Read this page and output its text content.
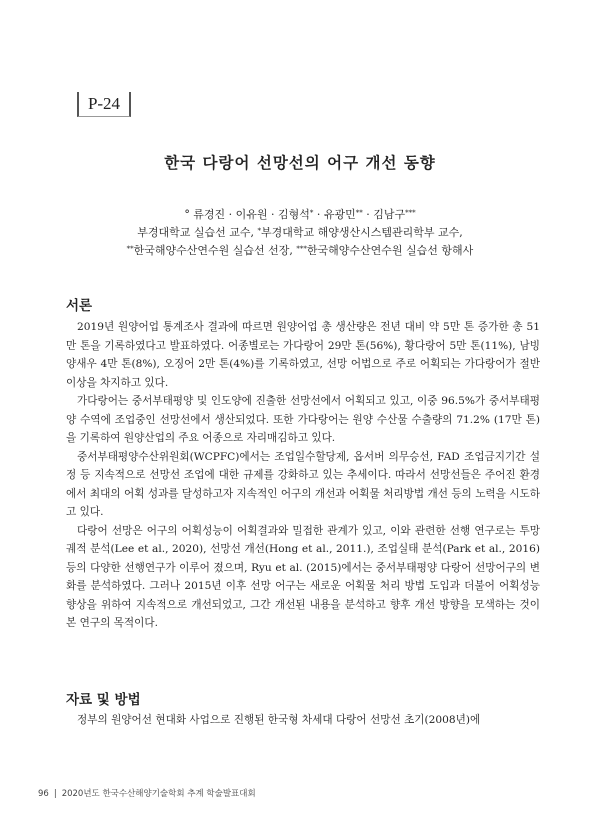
P-24
한국 다랑어 선망선의 어구 개선 동향
° 류경진 · 이유원 · 김형석* · 유광민** · 김남구***
부경대학교 실습선 교수, *부경대학교 해양생산시스템관리학부 교수,
**한국해양수산연수원 실습선 선장, ***한국해양수산연수원 실습선 항해사
서론

2019년 원양어업 통계조사 결과에 따르면 원양어업 총 생산량은 전년 대비 약 5만 톤 증가한 총 51만 톤을 기록하였다고 발표하였다. 어종별로는 가다랑어 29만 톤(56%), 황다랑어 5만 톤(11%), 남빙양새우 4만 톤(8%), 오징어 2만 톤(4%)를 기록하였고, 선망 어법으로 주로 어획되는 가다랑어가 절반 이상을 차지하고 있다.

가다랑어는 중서부태평양 및 인도양에 진출한 선망선에서 어획되고 있고, 이중 96.5%가 중서부태평양 수역에 조업중인 선망선에서 생산되었다. 또한 가다랑어는 원양 수산물 수출량의 71.2% (17만 톤)을 기록하여 원양산업의 주요 어종으로 자리매김하고 있다.

중서부태평양수산위원회(WCPFC)에서는 조업일수할당제, 옵서버 의무승선, FAD 조업금지기간 설정 등 지속적으로 선망선 조업에 대한 규제를 강화하고 있는 추세이다. 따라서 선망선들은 주어진 환경에서 최대의 어획 성과를 달성하고자 지속적인 어구의 개선과 어획물 처리방법 개선 등의 노력을 시도하고 있다.

다랑어 선망은 어구의 어획성능이 어획결과와 밀접한 관계가 있고, 이와 관련한 선행 연구로는 투망 궤적 분석(Lee et al., 2020), 선망선 개선(Hong et al., 2011.), 조업실태 분석(Park et al., 2016) 등의 다양한 선행연구가 이루어 졌으며, Ryu et al. (2015)에서는 중서부태평양 다랑어 선망어구의 변화를 분석하였다. 그러나 2015년 이후 선망 어구는 새로운 어획물 처리 방법 도입과 더불어 어획성능 향상을 위하여 지속적으로 개선되었고, 그간 개선된 내용을 분석하고 향후 개선 방향을 모색하는 것이 본 연구의 목적이다.

자료 및 방법

정부의 원양어선 현대화 사업으로 진행된 한국형 차세대 다랑어 선망선 초기(2008년)에

96 | 2020년도 한국수산해양기술학회 추계 학술발표대회
